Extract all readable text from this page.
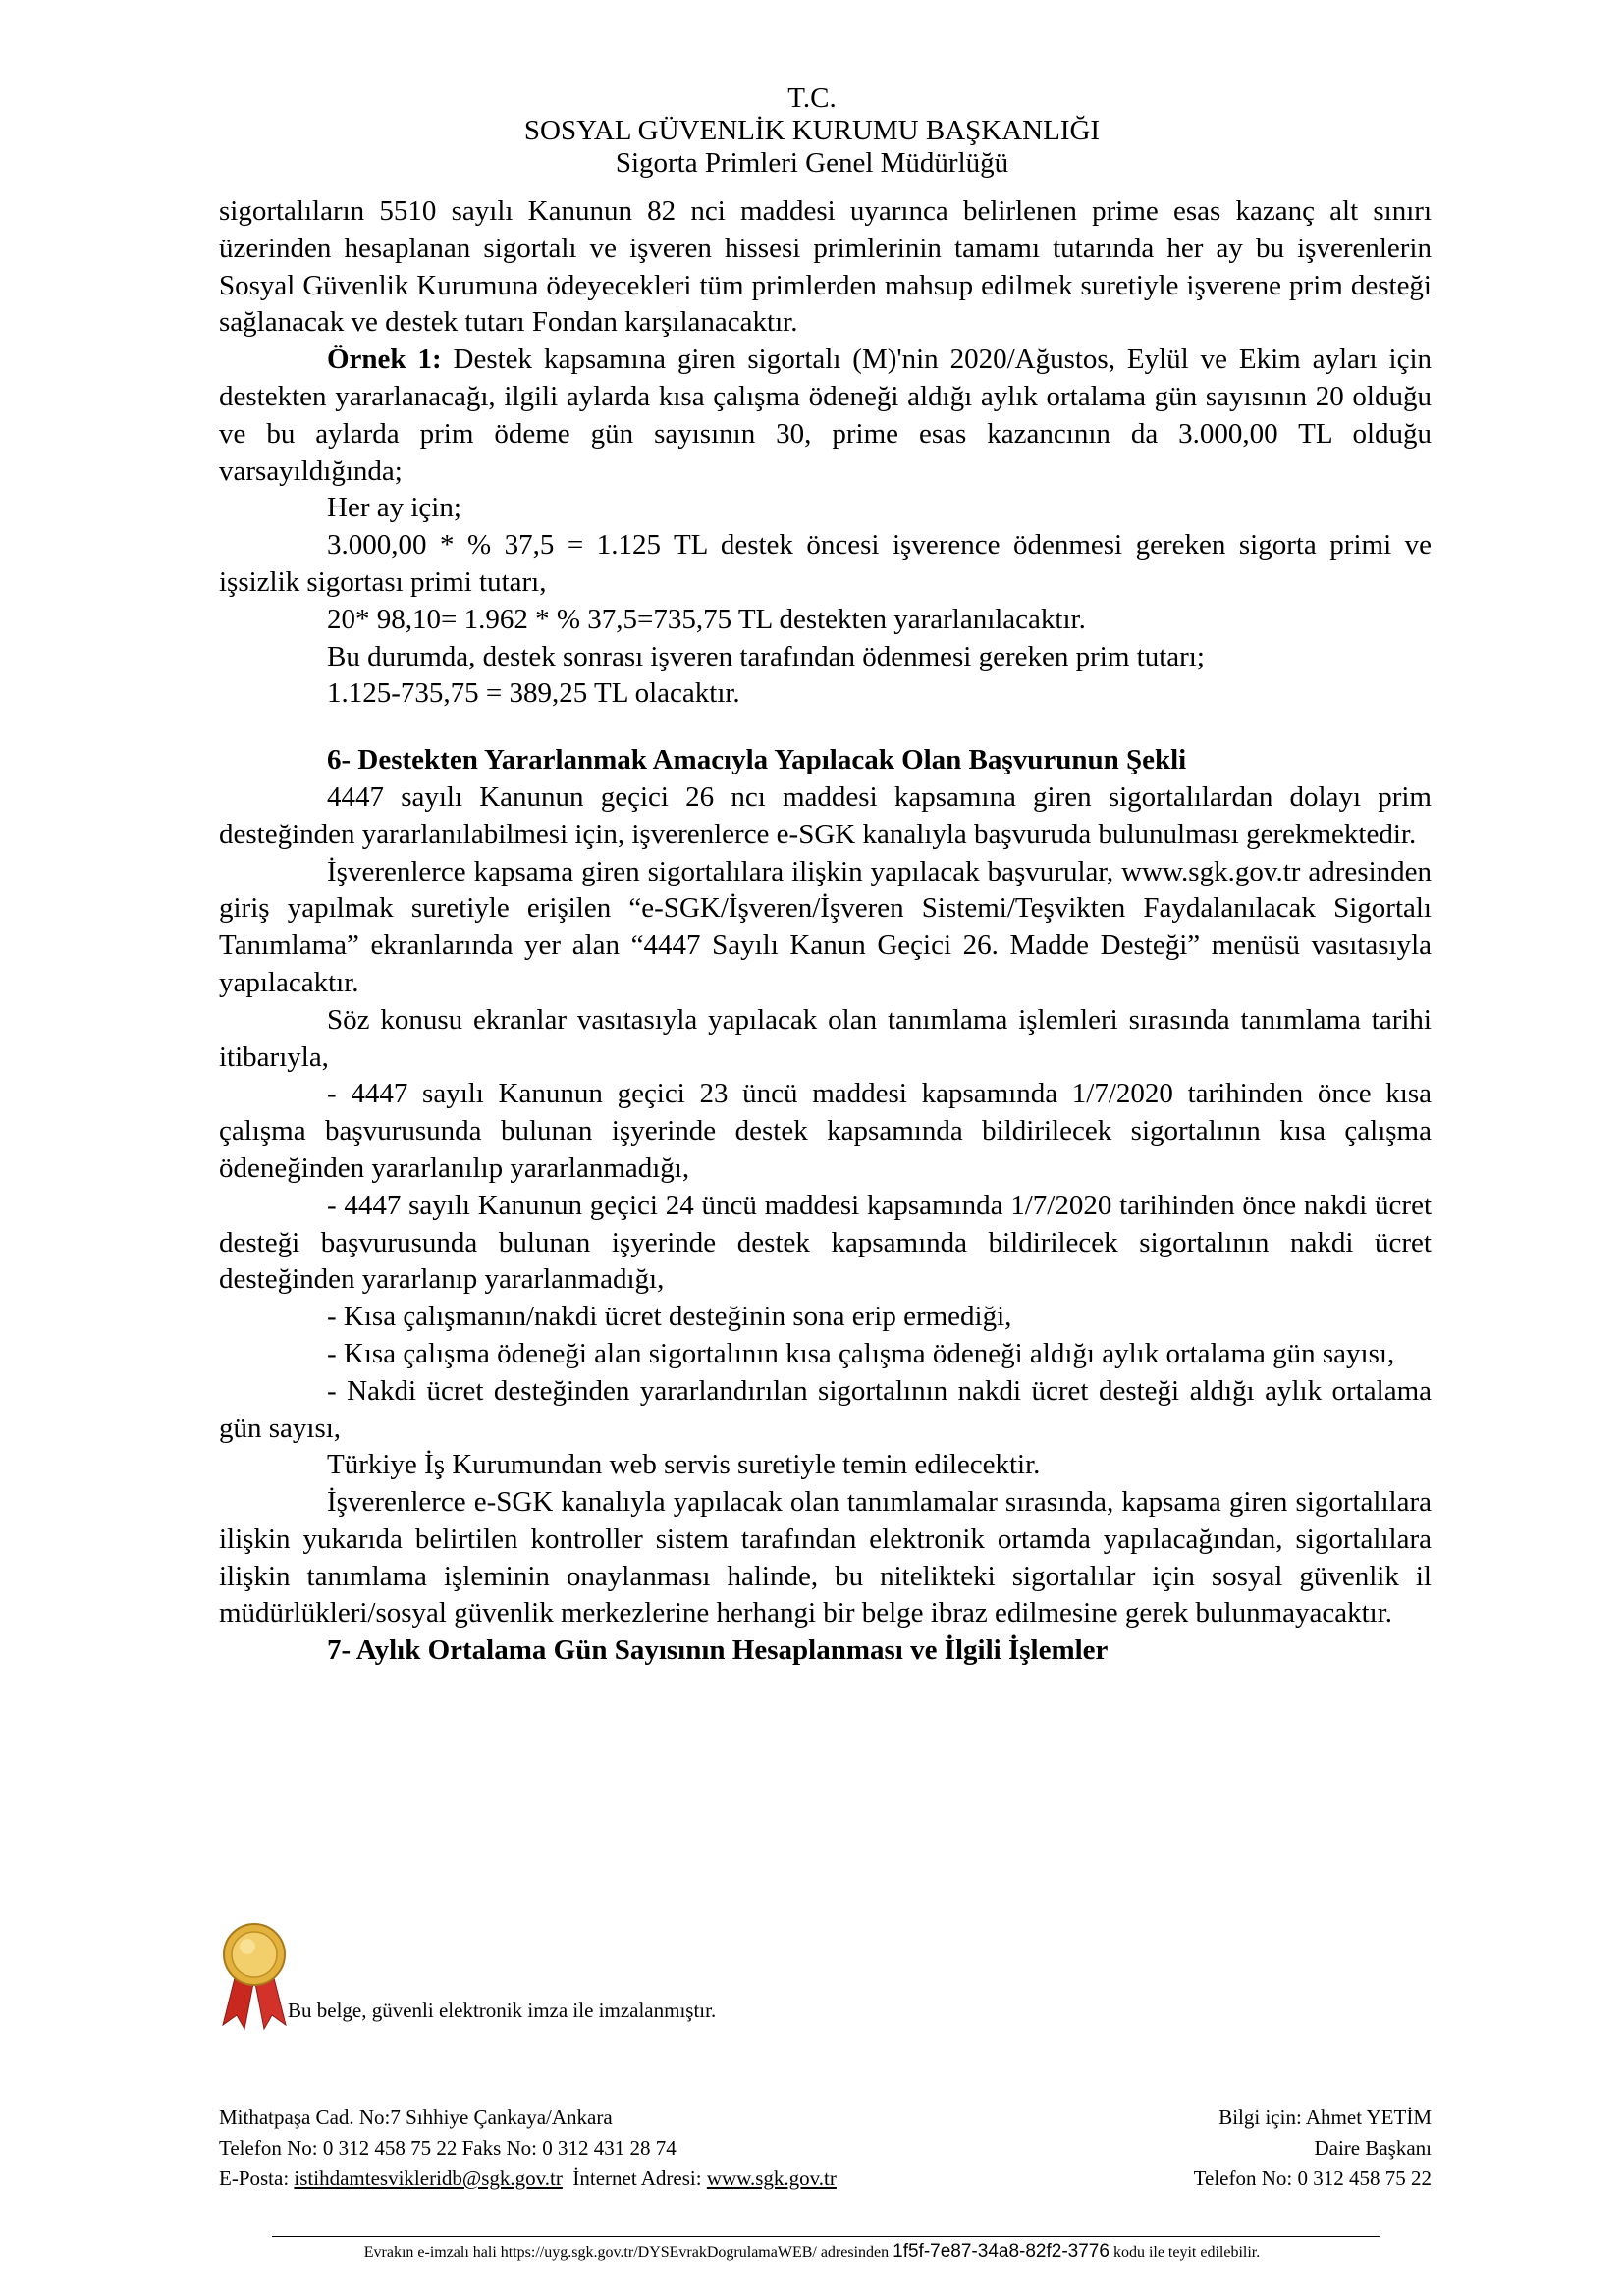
T.C.
SOSYAL GÜVENLİK KURUMU BAŞKANLIĞI
Sigorta Primleri Genel Müdürlüğü

sigortalıların 5510 sayılı Kanunun 82 nci maddesi uyarınca belirlenen prime esas kazanç alt sınırı üzerinden hesaplanan sigortalı ve işveren hissesi primlerinin tamamı tutarında her ay bu işverenlerin Sosyal Güvenlik Kurumuna ödeyecekleri tüm primlerden mahsup edilmek suretiyle işverene prim desteği sağlanacak ve destek tutarı Fondan karşılanacaktır.

Örnek 1: Destek kapsamına giren sigortalı (M)'nin 2020/Ağustos, Eylül ve Ekim ayları için destekten yararlanacağı, ilgili aylarda kısa çalışma ödeneği aldığı aylık ortalama gün sayısının 20 olduğu ve bu aylarda prim ödeme gün sayısının 30, prime esas kazancının da 3.000,00 TL olduğu varsayıldığında;

Her ay için;

3.000,00 * % 37,5 = 1.125 TL destek öncesi işverence ödenmesi gereken sigorta primi ve işsizlik sigortası primi tutarı,

20* 98,10= 1.962 * % 37,5=735,75 TL destekten yararlanılacaktır.

Bu durumda, destek sonrası işveren tarafından ödenmesi gereken prim tutarı;

1.125-735,75 = 389,25 TL olacaktır.

6- Destekten Yararlanmak Amacıyla Yapılacak Olan Başvurunun Şekli

4447 sayılı Kanunun geçici 26 ncı maddesi kapsamına giren sigortalılardan dolayı prim desteğinden yararlanılabilmesi için, işverenlerce e-SGK kanalıyla başvuruda bulunulması gerekmektedir.

İşverenlerce kapsama giren sigortalılara ilişkin yapılacak başvurular, www.sgk.gov.tr adresinden giriş yapılmak suretiyle erişilen “e-SGK/İşveren/İşveren Sistemi/Teşvikten Faydalanılacak Sigortalı Tanımlama” ekranlarında yer alan “4447 Sayılı Kanun Geçici 26. Madde Desteği” menüsü vasıtasıyla yapılacaktır.

Söz konusu ekranlar vasıtasıyla yapılacak olan tanımlama işlemleri sırasında tanımlama tarihi itibarıyla,

- 4447 sayılı Kanunun geçici 23 üncü maddesi kapsamında 1/7/2020 tarihinden önce kısa çalışma başvurusunda bulunan işyerinde destek kapsamında bildirilecek sigortalının kısa çalışma ödeneğinden yararlanılıp yararlanmadığı,

- 4447 sayılı Kanunun geçici 24 üncü maddesi kapsamında 1/7/2020 tarihinden önce nakdi ücret desteği başvurusunda bulunan işyerinde destek kapsamında bildirilecek sigortalının nakdi ücret desteğinden yararlanıp yararlanmadığı,

- Kısa çalışmanın/nakdi ücret desteğinin sona erip ermediği,

- Kısa çalışma ödeneği alan sigortalının kısa çalışma ödeneği aldığı aylık ortalama gün sayısı,

- Nakdi ücret desteğinden yararlandırılan sigortalının nakdi ücret desteği aldığı aylık ortalama gün sayısı,

Türkiye İş Kurumundan web servis suretiyle temin edilecektir.

İşverenlerce e-SGK kanalıyla yapılacak olan tanımlamalar sırasında, kapsama giren sigortalılara ilişkin yukarıda belirtilen kontroller sistem tarafından elektronik ortamda yapılacağından, sigortalılara ilişkin tanımlama işleminin onaylanması halinde, bu nitelikteki sigortalılar için sosyal güvenlik il müdürlükleri/sosyal güvenlik merkezlerine herhangi bir belge ibraz edilmesine gerek bulunmayacaktır.

7- Aylık Ortalama Gün Sayısının Hesaplanması ve İlgili İşlemler

Bu belge, güvenli elektronik imza ile imzalanmıştır.
Mithatpaşa Cad. No:7 Sıhhiye Çankaya/Ankara
Telefon No: 0 312 458 75 22 Faks No: 0 312 431 28 74
E-Posta: istihdamtesvikleridb@sgk.gov.tr  İnternet Adresi: www.sgk.gov.tr
Bilgi için: Ahmet YETİM
Daire Başkanı
Telefon No: 0 312 458 75 22
Evrakın e-imzalı hali https://uyg.sgk.gov.tr/DYSEvrakDogrulamaWEB/ adresinden 1f5f-7e87-34a8-82f2-3776 kodu ile teyit edilebilir.
